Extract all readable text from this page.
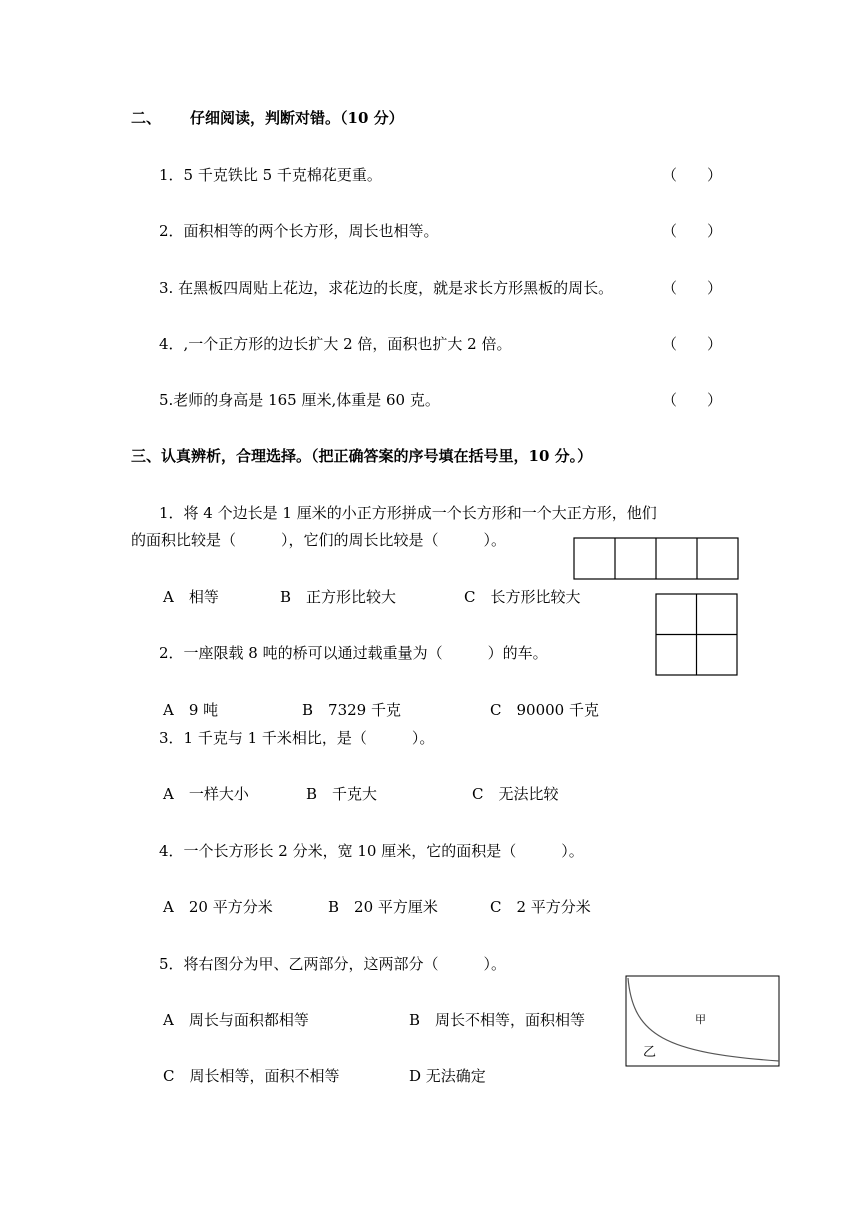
二、 仔细阅读，判断对错。（10 分）
1．5 千克铁比 5 千克棉花更重。	（　　）
2．面积相等的两个长方形，周长也相等。	（　　）
3. 在黑板四周贴上花边，求花边的长度，就是求长方形黑板的周长。	（　　）
4．,一个正方形的边长扩大 2 倍，面积也扩大 2 倍。	（　　）
5.老师的身高是 165 厘米,体重是 60 克。	（　　）
三、认真辨析，合理选择。（把正确答案的序号填在括号里，10 分。）
1．将 4 个边长是 1 厘米的小正方形拼成一个长方形和一个大正方形，他们
的面积比较是（　　　），它们的周长比较是（　　　）。
A　相等	B　正方形比较大	C　长方形比较大
2．一座限载 8 吨的桥可以通过载重量为（　　　）的车。
A　9 吨	B　7329 千克	C　90000 千克
3．1 千克与 1 千米相比，是（　　　）。
A　一样大小	B　千克大	C　无法比较
4．一个长方形长 2 分米，宽 10 厘米，它的面积是（　　　）。
A　20 平方分米	B　20 平方厘米	C　2 平方分米
5．将右图分为甲、乙两部分，这两部分（　　　）。
A　周长与面积都相等	B　周长不相等，面积相等
C　周长相等，面积不相等	D 无法确定
甲
乙
